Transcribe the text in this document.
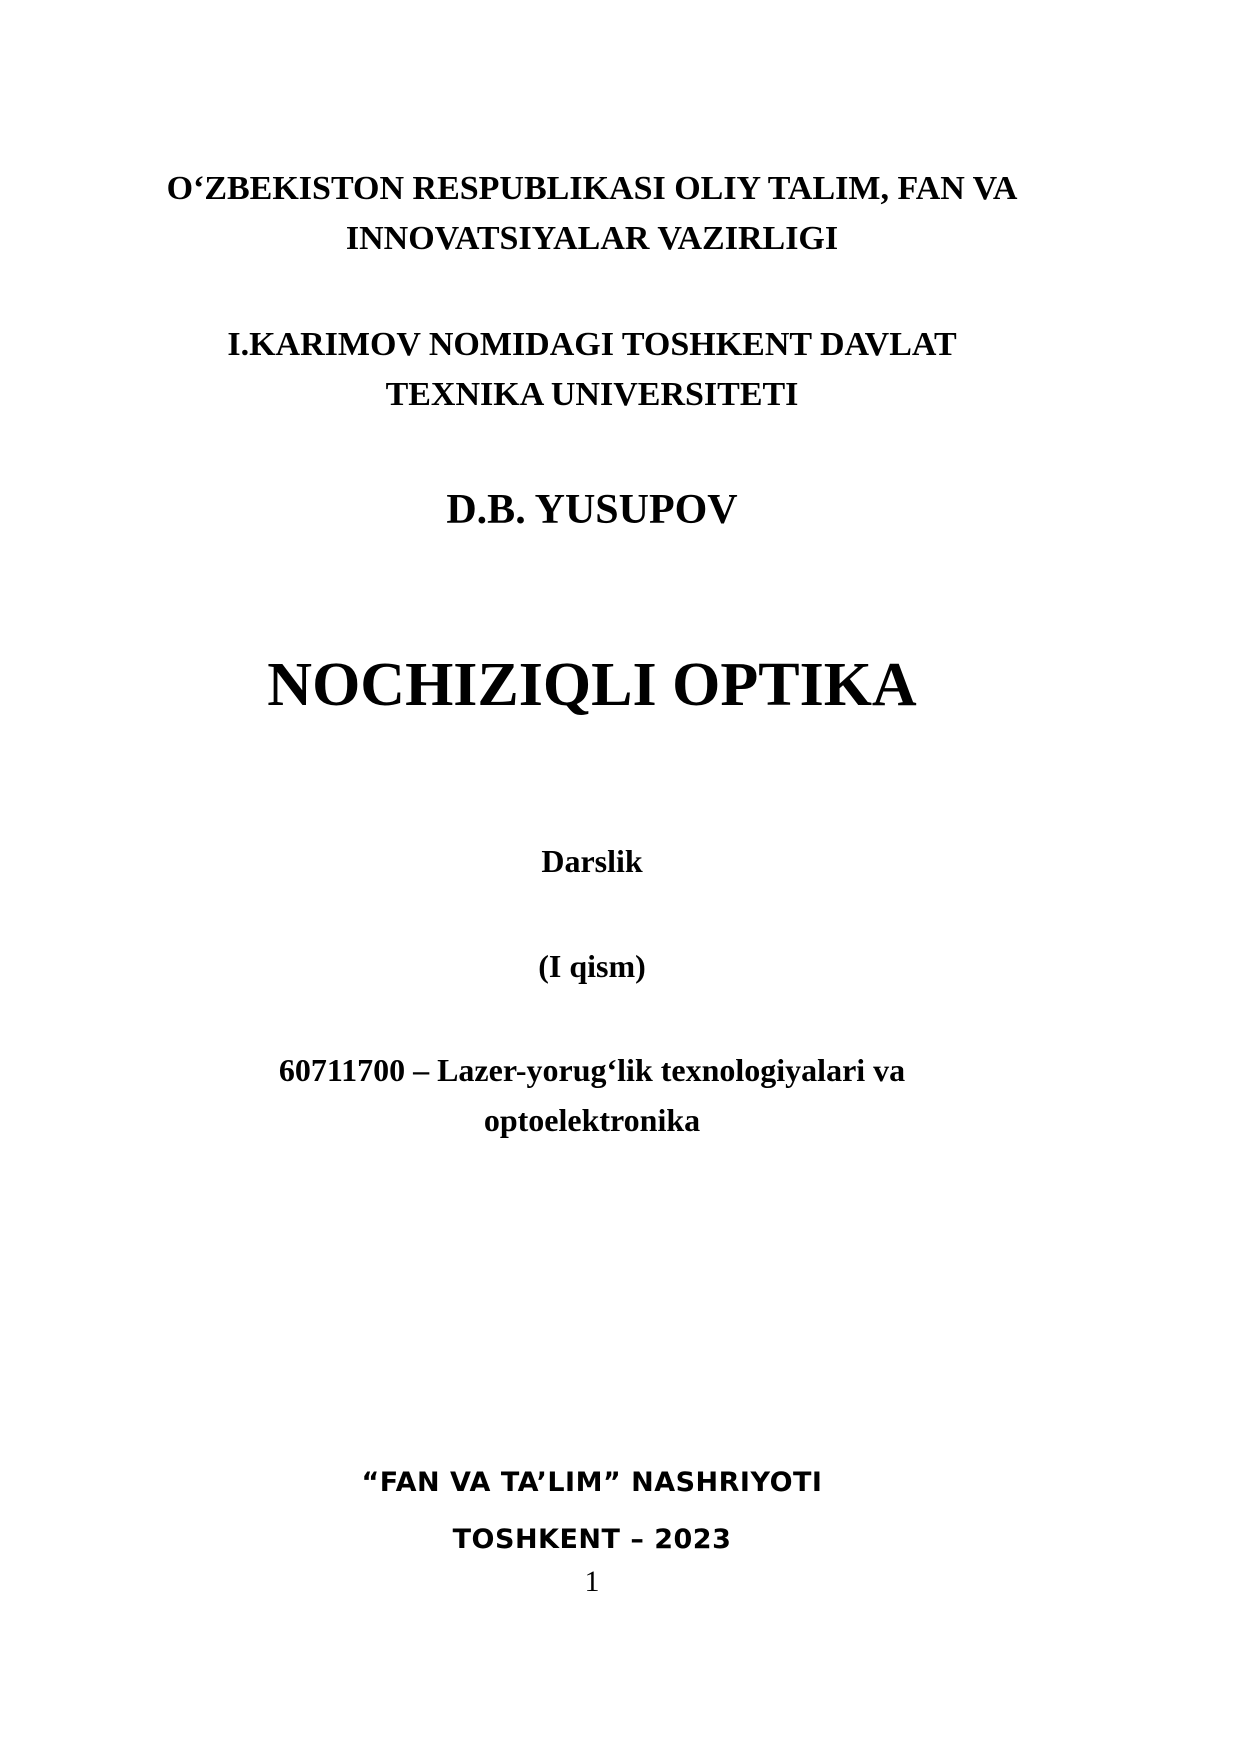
O‘ZBEKISTON RESPUBLIKASI OLIY TALIM, FAN VA

INNOVATSIYALAR VAZIRLIGI

I.KARIMOV NOMIDAGI TOSHKENT DAVLAT

TEXNIKA UNIVERSITETI

D.B. YUSUPOV

NOCHIZIQLI OPTIKA

Darslik

(I qism)

60711700 – Lazer-yorug‘lik texnologiyalari va

optoelektronika

“FAN VA TA’LIM” NASHRIYOTI

TOSHKENT – 2023

1
